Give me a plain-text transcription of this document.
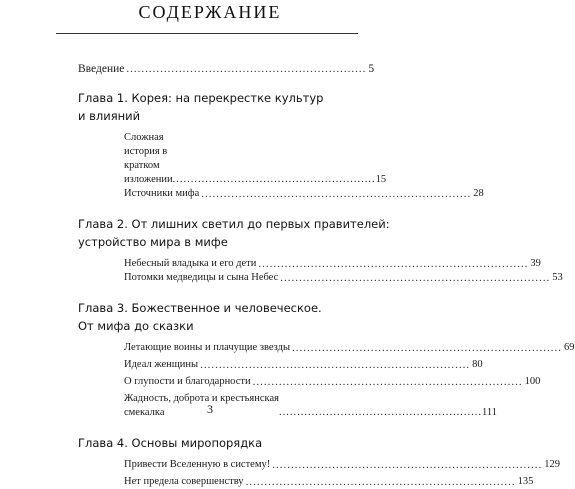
СОДЕРЖАНИЕ
Введение ................................................................ 5
Глава 1. Корея: на перекрестке культур
и влияний
Сложная история в кратком
изложении ........................................................ 15
Источники мифа ........................................................................ 28
Глава 2. От лишних светил до первых правителей:
устройство мира в мифе
Небесный владыка и его дети ........................................................................ 39
Потомки медведицы и сына Небес ........................................................................ 53
Глава 3. Божественное и человеческое.
От мифа до сказки
Летающие воины и плачущие звезды ........................................................................ 69
Идеал женщины ........................................................................ 80
О глупости и благодарности ........................................................................ 100
Жадность, доброта и крестьянская
смекалка	........................................................ 111
Глава 4. Основы миропорядка
Привести Вселенную в систему! ........................................................................ 129
Нет предела совершенству ........................................................................ 135
3
